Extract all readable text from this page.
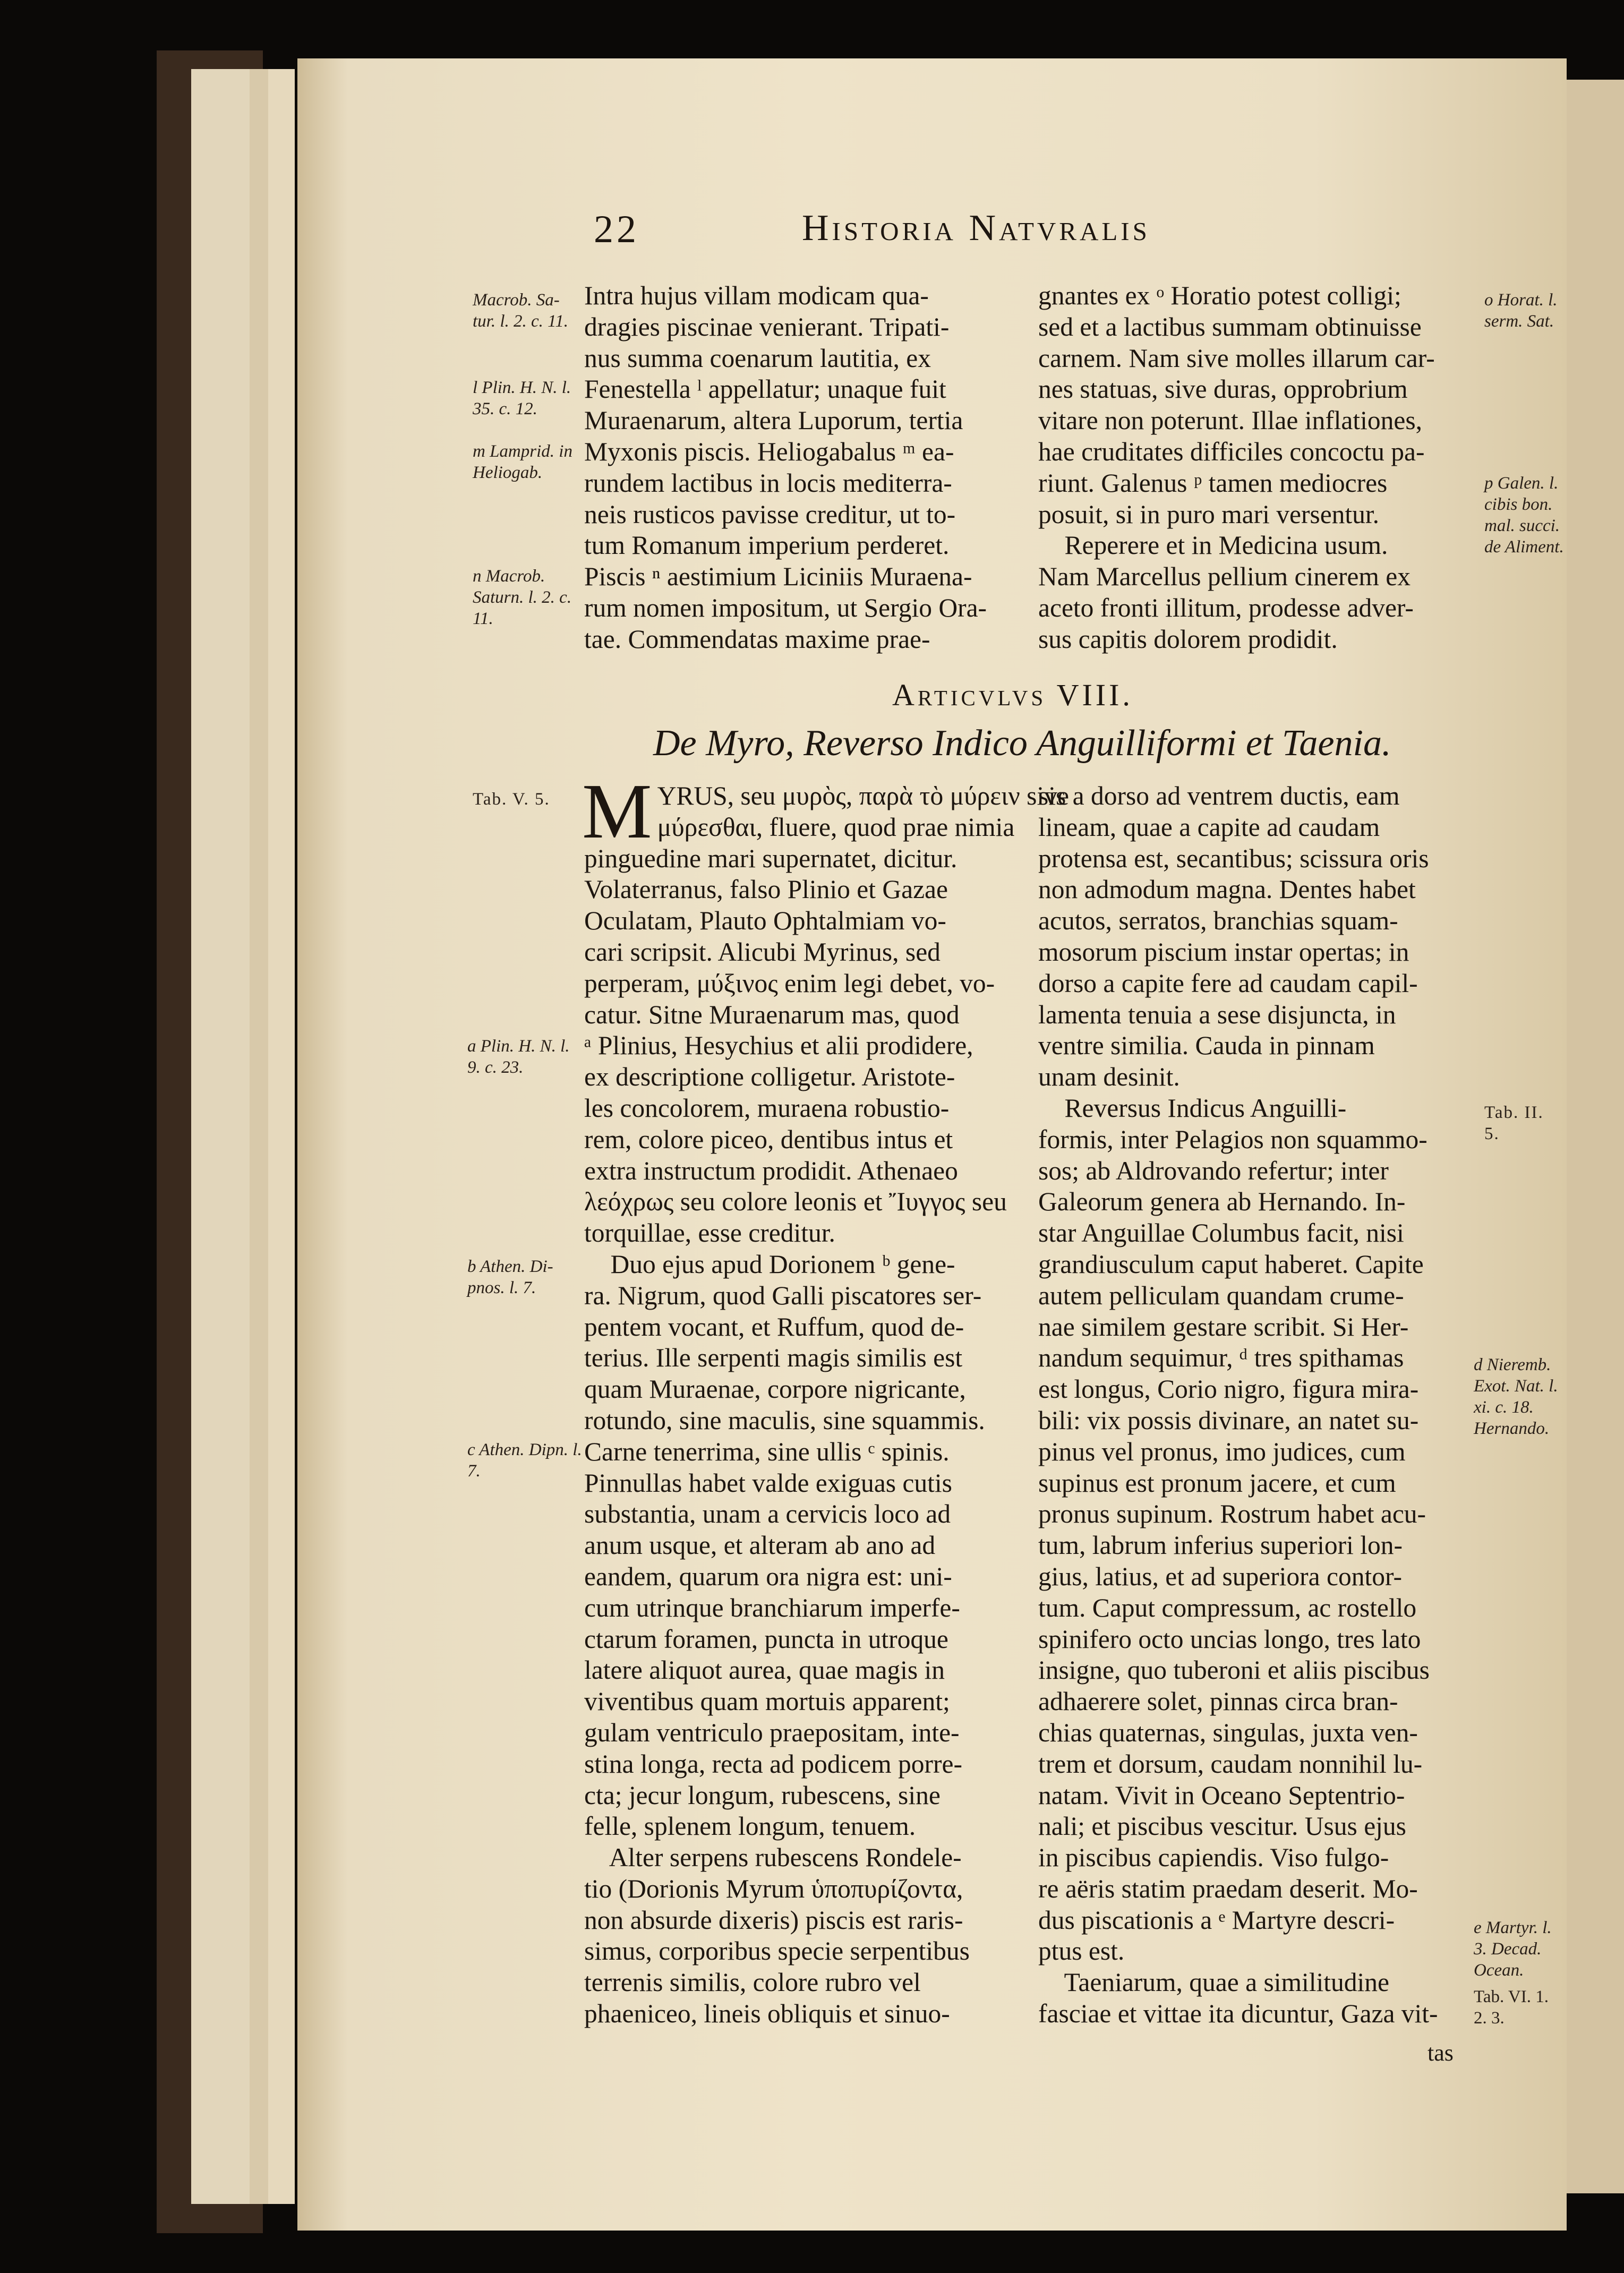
22	Historia Natvralis
Intra hujus villam modicam qua-
dragies piscinae venierant. Tripati-
nus summa coenarum lautitia, ex
Fenestella ˡ appellatur; unaque fuit
Muraenarum, altera Luporum, tertia
Myxonis piscis. Heliogabalus ᵐ ea-
rundem lactibus in locis mediterra-
neis rusticos pavisse creditur, ut to-
tum Romanum imperium perderet.
Piscis ⁿ aestimium Liciniis Muraena-
rum nomen impositum, ut Sergio Ora-
tae. Commendatas maxime prae-
gnantes ex ᵒ Horatio potest colligi;
sed et a lactibus summam obtinuisse
carnem. Nam sive molles illarum car-
nes statuas, sive duras, opprobrium
vitare non poterunt. Illae inflationes,
hae cruditates difficiles concoctu pa-
riunt. Galenus ᵖ tamen mediocres
posuit, si in puro mari versentur.
Reperere et in Medicina usum.
Nam Marcellus pellium cinerem ex
aceto fronti illitum, prodesse adver-
sus capitis dolorem prodidit.
Articvlvs VIII.
De Myro, Reverso Indico Anguilliformi et Taenia.
M YRUS, seu μυρὸς, παρὰ τὸ μύρειν sive
μύρεσθαι, fluere, quod prae nimia
pinguedine mari supernatet, dicitur.
Volaterranus, falso Plinio et Gazae
Oculatam, Plauto Ophtalmiam vo-
cari scripsit. Alicubi Myrinus, sed
perperam, μύξινος enim legi debet, vo-
catur. Sitne Muraenarum mas, quod
ᵃ Plinius, Hesychius et alii prodidere,
ex descriptione colligetur. Aristote-
les concolorem, muraena robustio-
rem, colore piceo, dentibus intus et
extra instructum prodidit. Athenaeo
λεόχρως seu colore leonis et Ἴυγγος seu
torquillae, esse creditur.
Duo ejus apud Dorionem ᵇ gene-
ra. Nigrum, quod Galli piscatores ser-
pentem vocant, et Ruffum, quod de-
terius. Ille serpenti magis similis est
quam Muraenae, corpore nigricante,
rotundo, sine maculis, sine squammis.
Carne tenerrima, sine ullis ᶜ spinis.
Pinnullas habet valde exiguas cutis
substantia, unam a cervicis loco ad
anum usque, et alteram ab ano ad
eandem, quarum ora nigra est: uni-
cum utrinque branchiarum imperfe-
ctarum foramen, puncta in utroque
latere aliquot aurea, quae magis in
viventibus quam mortuis apparent;
gulam ventriculo praepositam, inte-
stina longa, recta ad podicem porre-
cta; jecur longum, rubescens, sine
felle, splenem longum, tenuem.
Alter serpens rubescens Rondele-
tio (Dorionis Myrum ὑποπυρίζοντα,
non absurde dixeris) piscis est raris-
simus, corporibus specie serpentibus
terrenis similis, colore rubro vel
phaeniceo, lineis obliquis et sinuo-
sis a dorso ad ventrem ductis, eam
lineam, quae a capite ad caudam
protensa est, secantibus; scissura oris
non admodum magna. Dentes habet
acutos, serratos, branchias squam-
mosorum piscium instar opertas; in
dorso a capite fere ad caudam capil-
lamenta tenuia a sese disjuncta, in
ventre similia. Cauda in pinnam
unam desinit.
Reversus Indicus Anguilli-
formis, inter Pelagios non squammo-
sos; ab Aldrovando refertur; inter
Galeorum genera ab Hernando. In-
star Anguillae Columbus facit, nisi
grandiusculum caput haberet. Capite
autem pelliculam quandam crume-
nae similem gestare scribit. Si Her-
nandum sequimur, ᵈ tres spithamas
est longus, Corio nigro, figura mira-
bili: vix possis divinare, an natet su-
pinus vel pronus, imo judices, cum
supinus est pronum jacere, et cum
pronus supinum. Rostrum habet acu-
tum, labrum inferius superiori lon-
gius, latius, et ad superiora contor-
tum. Caput compressum, ac rostello
spinifero octo uncias longo, tres lato
insigne, quo tuberoni et aliis piscibus
adhaerere solet, pinnas circa bran-
chias quaternas, singulas, juxta ven-
trem et dorsum, caudam nonnihil lu-
natam. Vivit in Oceano Septentrio-
nali; et piscibus vescitur. Usus ejus
in piscibus capiendis. Viso fulgo-
re aëris statim praedam deserit. Mo-
dus piscationis a ᵉ Martyre descri-
ptus est.
Taeniarum, quae a similitudine
fasciae et vittae ita dicuntur, Gaza vit-
tas
Macrob. Sa- tur. l. 2. c. 11.
l Plin. H. N. l. 35. c. 12.
m Lamprid. in Heliogab.
n Macrob. Saturn. l. 2. c. 11.
Tab. V. 5.
a Plin. H. N. l. 9. c. 23.
b Athen. Di- pnos. l. 7.
c Athen. Dipn. l. 7.
o Horat. l. serm. Sat.
p Galen. l. cibis bon. mal. succi. de Aliment.
Tab. II. 5.
d Nieremb. Exot. Nat. l. xi. c. 18. Hernando.
e Martyr. l. 3. Decad. Ocean.
Tab. VI. 1. 2. 3.
